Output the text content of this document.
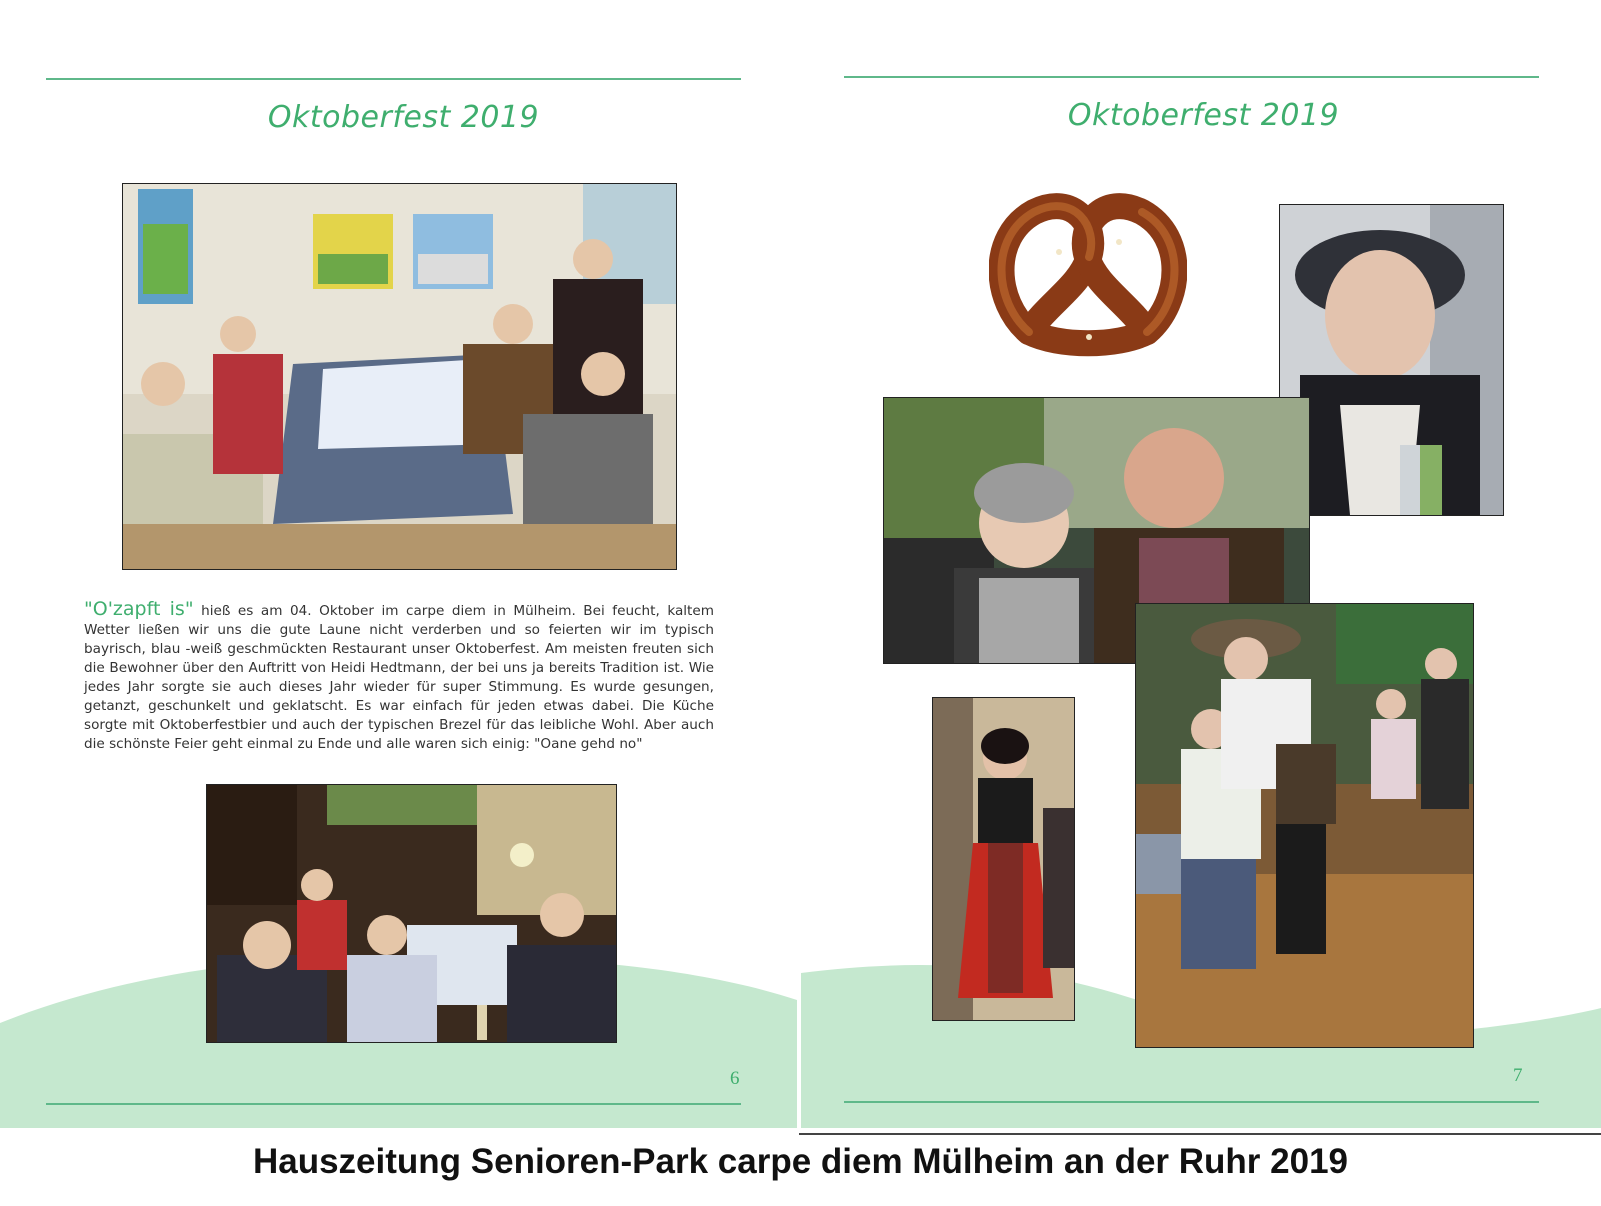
Oktoberfest 2019
"O'zapft is" hieß es am 04. Oktober im carpe diem in Mülheim. Bei feucht, kaltem Wetter ließen wir uns die gute Laune nicht verderben und so feierten wir im typisch bayrisch, blau -weiß geschmückten Restaurant unser Oktoberfest. Am meisten freuten sich die Bewohner über den Auftritt von Heidi Hedtmann, der bei uns ja bereits Tradition ist. Wie jedes Jahr sorgte sie auch dieses Jahr wieder für super Stimmung. Es wurde gesungen, getanzt, geschunkelt und geklatscht. Es war einfach für jeden etwas dabei. Die Küche sorgte mit Oktoberfestbier und auch der typischen Brezel für das leibliche Wohl. Aber auch die schönste Feier geht einmal zu Ende und alle waren sich einig: "Oane gehd no"
6
Oktoberfest 2019
7
Hauszeitung Senioren-Park carpe diem Mülheim an der Ruhr 2019
